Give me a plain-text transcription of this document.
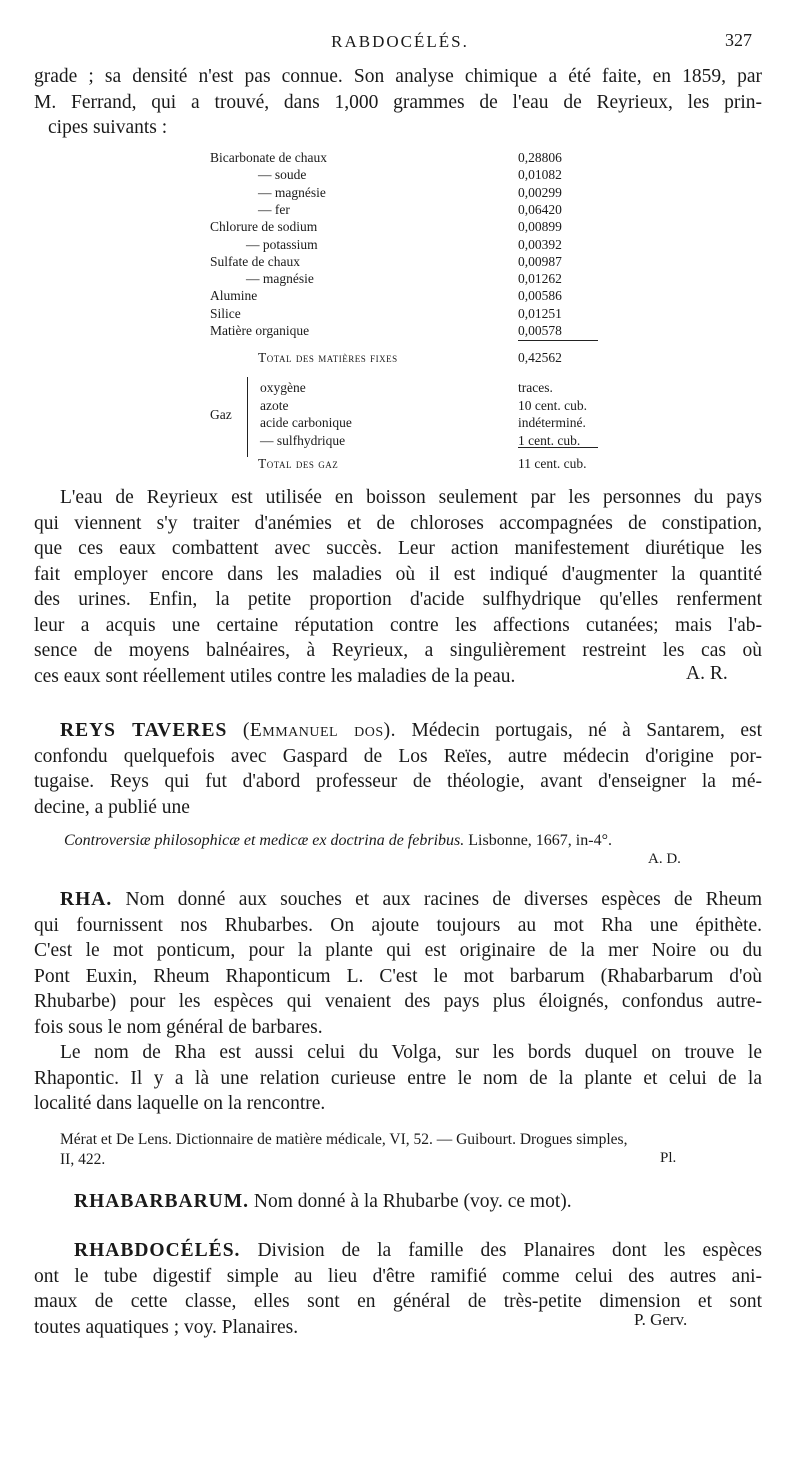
RABDOCÉLÉS.	327
grade ; sa densité n'est pas connue. Son analyse chimique a été faite, en 1859, par
M. Ferrand, qui a trouvé, dans 1,000 grammes de l'eau de Reyrieux, les prin-
cipes suivants :
Bicarbonate de chaux	0,28806
— soude	0,01082
— magnésie	0,00299
— fer	0,06420
Chlorure de sodium	0,00899
— potassium	0,00392
Sulfate de chaux	0,00987
— magnésie	0,01262
Alumine	0,00586
Silice	0,01251
Matière organique	0,00578
Total des matières fixes	0,42562
Gaz
oxygène	traces.
azote	10 cent. cub.
acide carbonique	indéterminé.
— sulfhydrique	1 cent. cub.
Total des gaz	11 cent. cub.
L'eau de Reyrieux est utilisée en boisson seulement par les personnes du pays
qui viennent s'y traiter d'anémies et de chloroses accompagnées de constipation,
que ces eaux combattent avec succès. Leur action manifestement diurétique les
fait employer encore dans les maladies où il est indiqué d'augmenter la quantité
des urines. Enfin, la petite proportion d'acide sulfhydrique qu'elles renferment
leur a acquis une certaine réputation contre les affections cutanées; mais l'ab-
sence de moyens balnéaires, à Reyrieux, a singulièrement restreint les cas où
ces eaux sont réellement utiles contre les maladies de la peau.	A. R.
REYS TAVERES (Emmanuel dos). Médecin portugais, né à Santarem, est
confondu quelquefois avec Gaspard de Los Reïes, autre médecin d'origine por-
tugaise. Reys qui fut d'abord professeur de théologie, avant d'enseigner la mé-
decine, a publié une
Controversiæ philosophicæ et medicæ ex doctrina de febribus. Lisbonne, 1667, in-4°.
A. D.
RHA. Nom donné aux souches et aux racines de diverses espèces de Rheum
qui fournissent nos Rhubarbes. On ajoute toujours au mot Rha une épithète.
C'est le mot ponticum, pour la plante qui est originaire de la mer Noire ou du
Pont Euxin, Rheum Rhaponticum L. C'est le mot barbarum (Rhabarbarum d'où
Rhubarbe) pour les espèces qui venaient des pays plus éloignés, confondus autre-
fois sous le nom général de barbares.
Le nom de Rha est aussi celui du Volga, sur les bords duquel on trouve le
Rhapontic. Il y a là une relation curieuse entre le nom de la plante et celui de la
localité dans laquelle on la rencontre.
Mérat et De Lens. Dictionnaire de matière médicale, VI, 52. — Guibourt. Drogues simples,
II, 422.	Pl.
RHABARBARUM. Nom donné à la Rhubarbe (voy. ce mot).
RHABDOCÉLÉS. Division de la famille des Planaires dont les espèces
ont le tube digestif simple au lieu d'être ramifié comme celui des autres ani-
maux de cette classe, elles sont en général de très-petite dimension et sont
toutes aquatiques ; voy. Planaires.	P. Gerv.
